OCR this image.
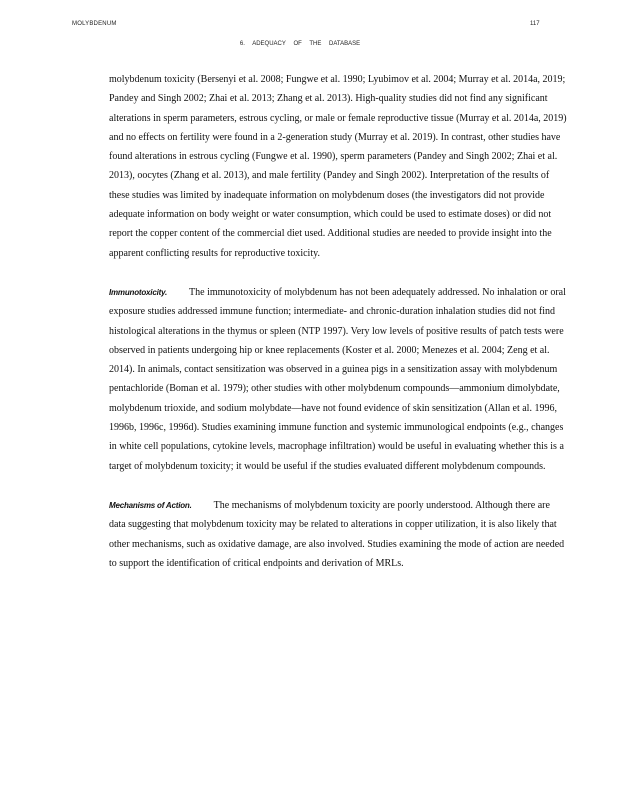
MOLYBDENUM	117
6. ADEQUACY OF THE DATABASE

molybdenum toxicity (Bersenyi et al. 2008; Fungwe et al. 1990; Lyubimov et al. 2004; Murray et al. 2014a, 2019; Pandey and Singh 2002; Zhai et al. 2013; Zhang et al. 2013). High-quality studies did not find any significant alterations in sperm parameters, estrous cycling, or male or female reproductive tissue (Murray et al. 2014a, 2019) and no effects on fertility were found in a 2-generation study (Murray et al. 2019). In contrast, other studies have found alterations in estrous cycling (Fungwe et al. 1990), sperm parameters (Pandey and Singh 2002; Zhai et al. 2013), oocytes (Zhang et al. 2013), and male fertility (Pandey and Singh 2002). Interpretation of the results of these studies was limited by inadequate information on molybdenum doses (the investigators did not provide adequate information on body weight or water consumption, which could be used to estimate doses) or did not report the copper content of the commercial diet used. Additional studies are needed to provide insight into the apparent conflicting results for reproductive toxicity.

Immunotoxicity. The immunotoxicity of molybdenum has not been adequately addressed. No inhalation or oral exposure studies addressed immune function; intermediate- and chronic-duration inhalation studies did not find histological alterations in the thymus or spleen (NTP 1997). Very low levels of positive results of patch tests were observed in patients undergoing hip or knee replacements (Koster et al. 2000; Menezes et al. 2004; Zeng et al. 2014). In animals, contact sensitization was observed in a guinea pigs in a sensitization assay with molybdenum pentachloride (Boman et al. 1979); other studies with other molybdenum compounds—ammonium dimolybdate, molybdenum trioxide, and sodium molybdate—have not found evidence of skin sensitization (Allan et al. 1996, 1996b, 1996c, 1996d). Studies examining immune function and systemic immunological endpoints (e.g., changes in white cell populations, cytokine levels, macrophage infiltration) would be useful in evaluating whether this is a target of molybdenum toxicity; it would be useful if the studies evaluated different molybdenum compounds.

Mechanisms of Action. The mechanisms of molybdenum toxicity are poorly understood. Although there are data suggesting that molybdenum toxicity may be related to alterations in copper utilization, it is also likely that other mechanisms, such as oxidative damage, are also involved. Studies examining the mode of action are needed to support the identification of critical endpoints and derivation of MRLs.
